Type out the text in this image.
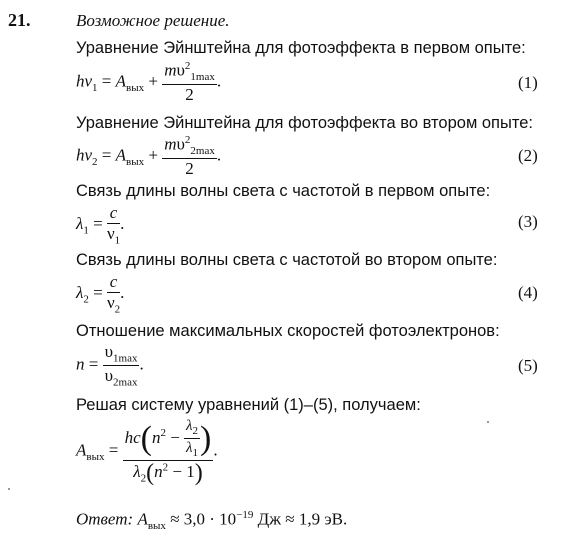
21.	Возможное решение.
Уравнение Эйнштейна для фотоэффекта в первом опыте:
$h\nu_1 = A_{вых} + \frac{m\upsilon^2_{1max}}{2}$ .	(1)
Уравнение Эйнштейна для фотоэффекта во втором опыте:
$h\nu_2 = A_{вых} + \frac{m\upsilon^2_{2max}}{2}$ .	(2)
Связь длины волны света с частотой в первом опыте:
$\lambda_1 = \frac{c}{\nu_1}$ .	(3)
Связь длины волны света с частотой во втором опыте:
$\lambda_2 = \frac{c}{\nu_2}$ .	(4)
Отношение максимальных скоростей фотоэлектронов:
$n = \frac{\upsilon_{1max}}{\upsilon_{2max}}$ .	(5)
Решая систему уравнений (1)–(5), получаем:
$A_{вых} = \frac{hc(n^2 - \frac{\lambda_2}{\lambda_1} )}{\lambda_2(n^2 - 1)}$ .
Ответ: $A_{вых} \approx 3,0 \cdot 10^{-19}$ Дж ≈ 1,9 эВ.
